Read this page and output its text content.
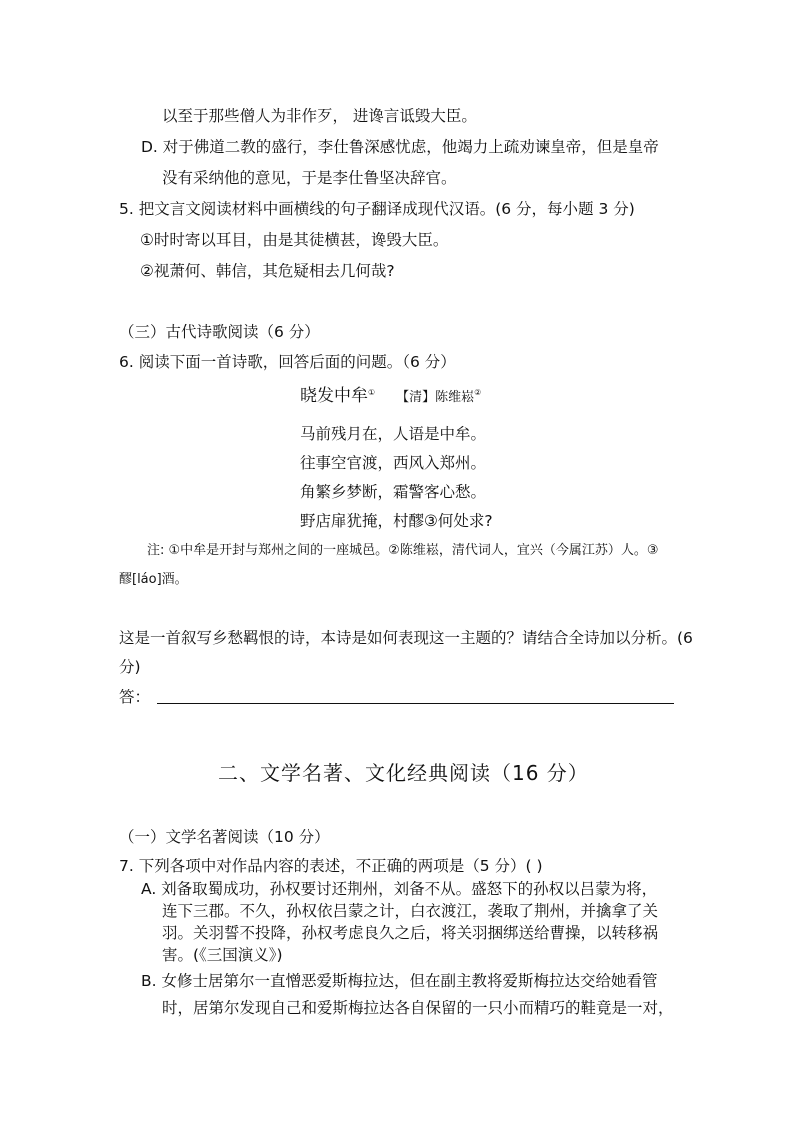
以至于那些僧人为非作歹， 进谗言诋毁大臣。
D. 对于佛道二教的盛行，李仕鲁深感忧虑，他竭力上疏劝谏皇帝，但是皇帝
没有采纳他的意见，于是李仕鲁坚决辞官。
5. 把文言文阅读材料中画横线的句子翻译成现代汉语。(6 分，每小题 3 分)
①时时寄以耳目，由是其徒横甚，谗毁大臣。
②视萧何、韩信，其危疑相去几何哉?
（三）古代诗歌阅读（6 分）
6. 阅读下面一首诗歌，回答后面的问题。（6 分）
晓发中牟① 【清】陈维崧②
马前残月在，人语是中牟。
往事空官渡，西风入郑州。
角繁乡梦断，霜警客心愁。
野店扉犹掩，村醪③何处求?
注: ①中牟是开封与郑州之间的一座城邑。②陈维崧，清代词人，宜兴（今属江苏）人。③
醪[láo]酒。
这是一首叙写乡愁羁恨的诗，本诗是如何表现这一主题的？请结合全诗加以分析。(6
分)
答：
二、文学名著、文化经典阅读（16 分）
（一）文学名著阅读（10 分）
7. 下列各项中对作品内容的表述，不正确的两项是（5 分）( )
A. 刘备取蜀成功，孙权要讨还荆州，刘备不从。盛怒下的孙权以吕蒙为将，
连下三郡。不久，孙权依吕蒙之计，白衣渡江，袭取了荆州，并擒拿了关
羽。关羽誓不投降，孙权考虑良久之后，将关羽捆绑送给曹操，以转移祸
害。(《三国演义》)
B. 女修士居第尔一直憎恶爱斯梅拉达，但在副主教将爱斯梅拉达交给她看管
时，居第尔发现自己和爱斯梅拉达各自保留的一只小而精巧的鞋竟是一对，
